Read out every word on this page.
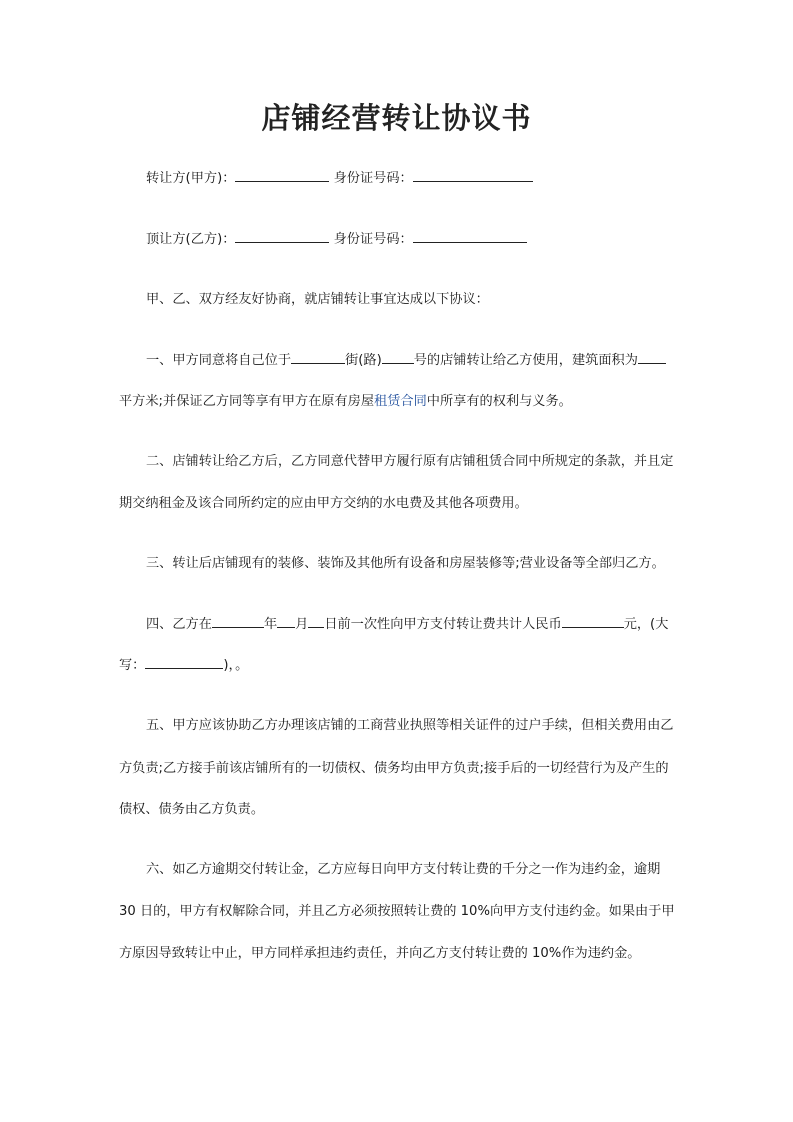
店铺经营转让协议书
转让方(甲方)：	身份证号码：
顶让方(乙方)：	身份证号码：
甲、乙、双方经友好协商，就店铺转让事宜达成以下协议：
一、甲方同意将自己位于	街(路) 号的店铺转让给乙方使用，建筑面积为
平方米;并保证乙方同等享有甲方在原有房屋租赁合同中所享有的权利与义务。
二、店铺转让给乙方后，乙方同意代替甲方履行原有店铺租赁合同中所规定的条款，并且定
期交纳租金及该合同所约定的应由甲方交纳的水电费及其他各项费用。
三、转让后店铺现有的装修、装饰及其他所有设备和房屋装修等;营业设备等全部归乙方。
四、乙方在	年 月 日前一次性向甲方支付转让费共计人民币	元，(大
写：	)，。
五、甲方应该协助乙方办理该店铺的工商营业执照等相关证件的过户手续，但相关费用由乙
方负责;乙方接手前该店铺所有的一切债权、债务均由甲方负责;接手后的一切经营行为及产生的
债权、债务由乙方负责。
六、如乙方逾期交付转让金，乙方应每日向甲方支付转让费的千分之一作为违约金，逾期
30 日的，甲方有权解除合同，并且乙方必须按照转让费的 10%向甲方支付违约金。如果由于甲
方原因导致转让中止，甲方同样承担违约责任，并向乙方支付转让费的 10%作为违约金。
